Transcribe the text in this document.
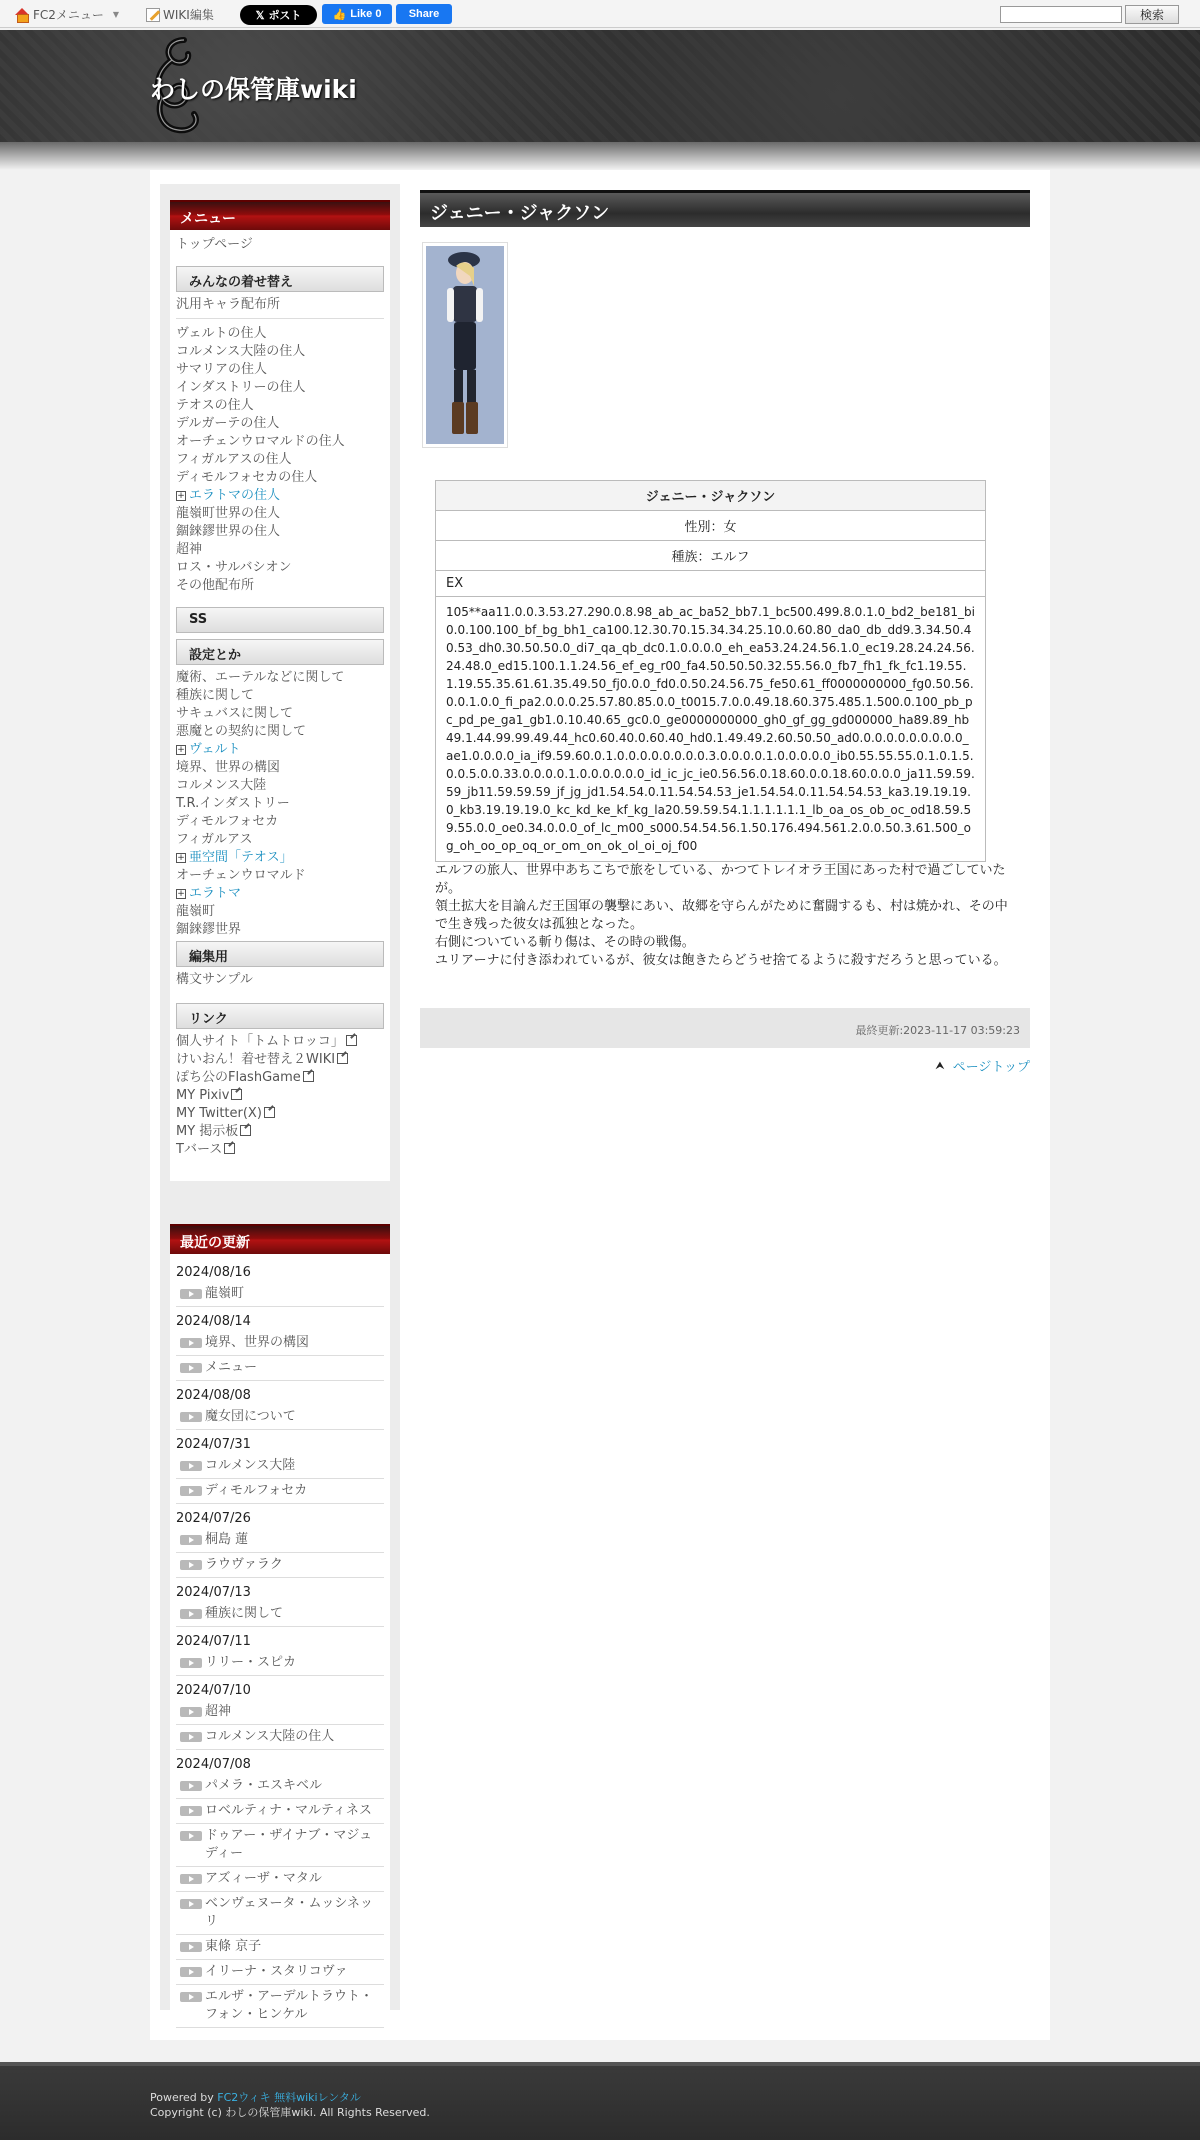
FC2メニュー ▼	WIKI編集	𝕏 ポスト	👍 Like 0 Share	検索
わしの保管庫wiki
メニュー
トップページ
みんなの着せ替え
汎用キャラ配布所
ヴェルトの住人
コルメンス大陸の住人
サマリアの住人
インダストリーの住人
テオスの住人
デルガーテの住人
オーチェンウロマルドの住人
フィガルアスの住人
ディモルフォセカの住人
+ エラトマの住人
龍嶺町世界の住人
錮錸鏐世界の住人
超神
ロス・サルバシオン
その他配布所
SS
設定とか
魔術、エーテルなどに関して
種族に関して
サキュバスに関して
悪魔との契約に関して
+ ヴェルト
境界、世界の構図
コルメンス大陸
T.R.インダストリー
ディモルフォセカ
フィガルアス
+ 亜空間「テオス」
オーチェンウロマルド
+ エラトマ
龍嶺町
錮錸鏐世界
編集用
構文サンプル
リンク
個人サイト「トムトロッコ」
けいおん！着せ替え２WIKI
ぽち公のFlashGame
MY Pixiv
MY Twitter(X)
MY 掲示板
Tバース
最近の更新
2024/08/16
龍嶺町
2024/08/14
境界、世界の構図
メニュー
2024/08/08
魔女団について
2024/07/31
コルメンス大陸
ディモルフォセカ
2024/07/26
桐島 蓮
ラウヴァラク
2024/07/13
種族に関して
2024/07/11
リリー・スピカ
2024/07/10
超神
コルメンス大陸の住人
2024/07/08
パメラ・エスキベル
ロベルティナ・マルティネス
ドゥアー・ザイナブ・マジュディー
アズィーザ・マタル
ベンヴェヌータ・ムッシネッリ
東條 京子
イリーナ・スタリコヴァ
エルザ・アーデルトラウト・フォン・ヒンケル
ジェニー・ジャクソン
ジェニー・ジャクソン
性別：女
種族：エルフ
EX
105**aa11.0.0.3.53.27.290.0.8.98_ab_ac_ba52_bb7.1_bc500.499.8.0.1.0_bd2_be181_bi0.0.100.100_bf_bg_bh1_ca100.12.30.70.15.34.34.25.10.0.60.80_da0_db_dd9.3.34.50.40.53_dh0.30.50.50.0_di7_qa_qb_dc0.1.0.0.0.0_eh_ea53.24.24.56.1.0_ec19.28.24.24.56.24.48.0_ed15.100.1.1.24.56_ef_eg_r00_fa4.50.50.50.32.55.56.0_fb7_fh1_fk_fc1.19.55.1.19.55.35.61.61.35.49.50_fj0.0.0_fd0.0.50.24.56.75_fe50.61_ff0000000000_fg0.50.56.0.0.1.0.0_fi_pa2.0.0.0.25.57.80.85.0.0_t0015.7.0.0.49.18.60.375.485.1.500.0.100_pb_pc_pd_pe_ga1_gb1.0.10.40.65_gc0.0_ge0000000000_gh0_gf_gg_gd000000_ha89.89_hb49.1.44.99.99.49.44_hc0.60.40.0.60.40_hd0.1.49.49.2.60.50.50_ad0.0.0.0.0.0.0.0.0.0_ae1.0.0.0.0_ia_if9.59.60.0.1.0.0.0.0.0.0.0.0.3.0.0.0.0.1.0.0.0.0.0_ib0.55.55.55.0.1.0.1.5.0.0.5.0.0.33.0.0.0.0.1.0.0.0.0.0.0_id_ic_jc_ie0.56.56.0.18.60.0.0.18.60.0.0.0_ja11.59.59.59_jb11.59.59.59_jf_jg_jd1.54.54.0.11.54.54.53_je1.54.54.0.11.54.54.53_ka3.19.19.19.0_kb3.19.19.19.0_kc_kd_ke_kf_kg_la20.59.59.54.1.1.1.1.1.1_lb_oa_os_ob_oc_od18.59.59.55.0.0_oe0.34.0.0.0_of_lc_m00_s000.54.54.56.1.50.176.494.561.2.0.0.50.3.61.500_og_oh_oo_op_oq_or_om_on_ok_ol_oi_oj_f00

エルフの旅人、世界中あちこちで旅をしている、かつてトレイオラ王国にあった村で過ごしていたが。

領土拡大を目論んだ王国軍の襲撃にあい、故郷を守らんがために奮闘するも、村は焼かれ、その中で生き残った彼女は孤独となった。

右側についている斬り傷は、その時の戦傷。

ユリアーナに付き添われているが、彼女は飽きたらどうせ捨てるように殺すだろうと思っている。

最終更新:2023-11-17 03:59:23
⮝ ページトップ
Powered by FC2ウィキ 無料wikiレンタル
Copyright (c) わしの保管庫wiki. All Rights Reserved.
